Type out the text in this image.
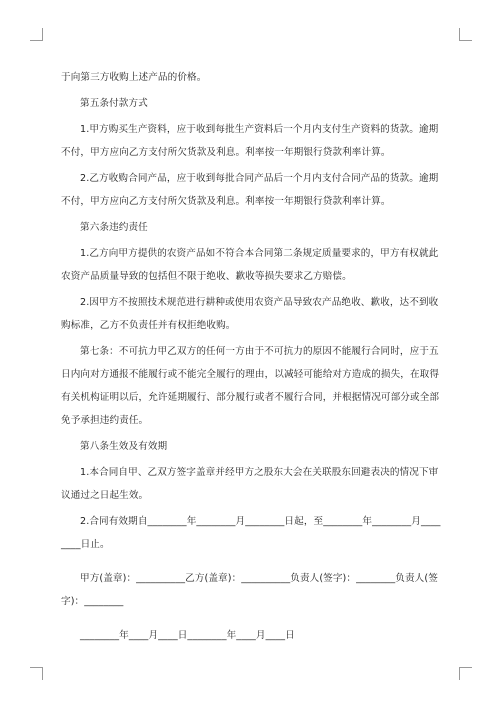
于向第三方收购上述产品的价格。

第五条付款方式

1.甲方购买生产资料，应于收到每批生产资料后一个月内支付生产资料的货款。逾期不付，甲方应向乙方支付所欠货款及利息。利率按一年期银行贷款利率计算。

2.乙方收购合同产品，应于收到每批合同产品后一个月内支付合同产品的货款。逾期不付，甲方应向乙方支付所欠货款及利息。利率按一年期银行贷款利率计算。

第六条违约责任

1.乙方向甲方提供的农资产品如不符合本合同第二条规定质量要求的，甲方有权就此农资产品质量导致的包括但不限于绝收、歉收等损失要求乙方赔偿。

2.因甲方不按照技术规范进行耕种或使用农资产品导致农产品绝收、歉收，达不到收购标准，乙方不负责任并有权拒绝收购。

第七条：不可抗力甲乙双方的任何一方由于不可抗力的原因不能履行合同时，应于五日内向对方通报不能履行或不能完全履行的理由，以减轻可能给对方造成的损失，在取得有关机构证明以后，允许延期履行、部分履行或者不履行合同，并根据情况可部分或全部免予承担违约责任。

第八条生效及有效期

1.本合同自甲、乙双方签字盖章并经甲方之股东大会在关联股东回避表决的情况下审议通过之日起生效。

2.合同有效期自________年________月________日起，至________年________月________日止。

甲方(盖章)：__________乙方(盖章)：__________负责人(签字)：________负责人(签字)：________

________年____月____日________年____月____日
